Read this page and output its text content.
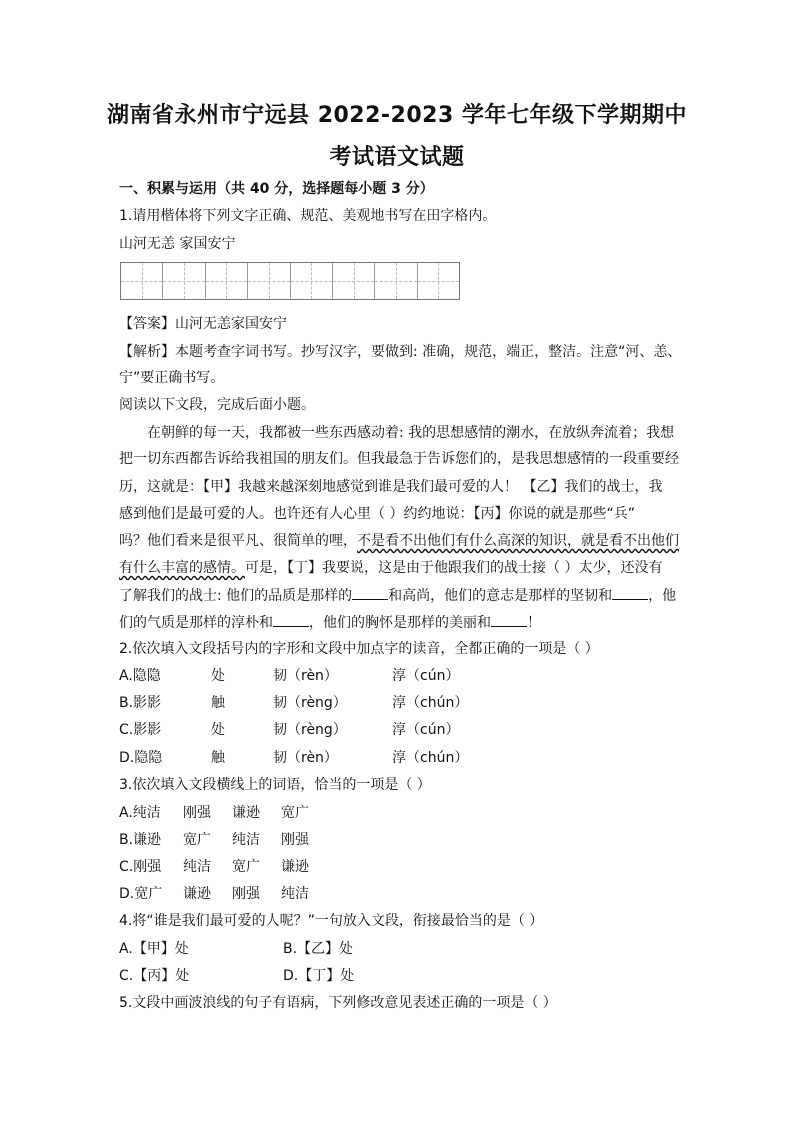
湖南省永州市宁远县 2022-2023 学年七年级下学期期中
考试语文试题
一、积累与运用（共 40 分，选择题每小题 3 分）
1.请用楷体将下列文字正确、规范、美观地书写在田字格内。
山河无恙 家国安宁
【答案】山河无恙家国安宁
【解析】本题考查字词书写。抄写汉字，要做到: 准确，规范，端正，整洁。注意“河、恙、
宁”要正确书写。
阅读以下文段，完成后面小题。
在朝鲜的每一天，我都被一些东西感动着: 我的思想感情的潮水，在放纵奔流着；我想
把一切东西都告诉给我祖国的朋友们。但我最急于告诉您们的，是我思想感情的一段重要经
历，这就是：【甲】我越来越深刻地感觉到谁是我们最可爱的人！ 【乙】我们的战士，我
感到他们是最可爱的人。也许还有人心里（ ）约约地说：【丙】你说的就是那些“兵”
吗？他们看来是很平凡、很简单的哩，不是看不出他们有什么高深的知识，就是看不出他们
有什么丰富的感情。可是，【丁】我要说，这是由于他跟我们的战士接（ ）太少，还没有
了解我们的战士: 他们的品质是那样的	和高尚，他们的意志是那样的坚韧和	，他
们的气质是那样的淳朴和	，他们的胸怀是那样的美丽和	！
2.依次填入文段括号内的字形和文段中加点字的读音，全都正确的一项是（ ）
A.隐隐	处	韧（rèn）	淳（cún）
B.影影	触	韧（rèng）	淳（chún）
C.影影	处	韧（rèng）	淳（cún）
D.隐隐	触	韧（rèn）	淳（chún）
3.依次填入文段横线上的词语，恰当的一项是（ ）
A.纯洁 刚强 谦逊 宽广
B.谦逊 宽广 纯洁 刚强
C.刚强 纯洁 宽广 谦逊
D.宽广 谦逊 刚强 纯洁
4.将“谁是我们最可爱的人呢？”一句放入文段，衔接最恰当的是（ ）
A.【甲】处	B.【乙】处
C.【丙】处	D.【丁】处
5.文段中画波浪线的句子有语病，下列修改意见表述正确的一项是（ ）
